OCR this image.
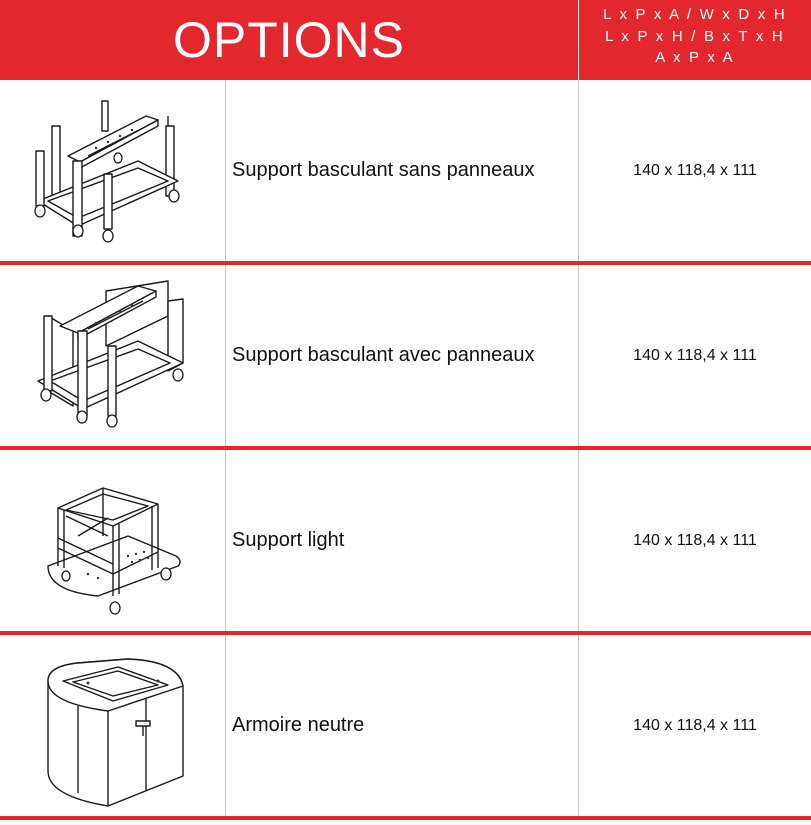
OPTIONS	L x P x A / W x D x H
L x P x H / B x T x H
A x P x A
Support basculant sans panneaux	140 x 118,4 x 111
Support basculant avec panneaux	140 x 118,4 x 111
Support light	140 x 118,4 x 111
Armoire neutre	140 x 118,4 x 111
